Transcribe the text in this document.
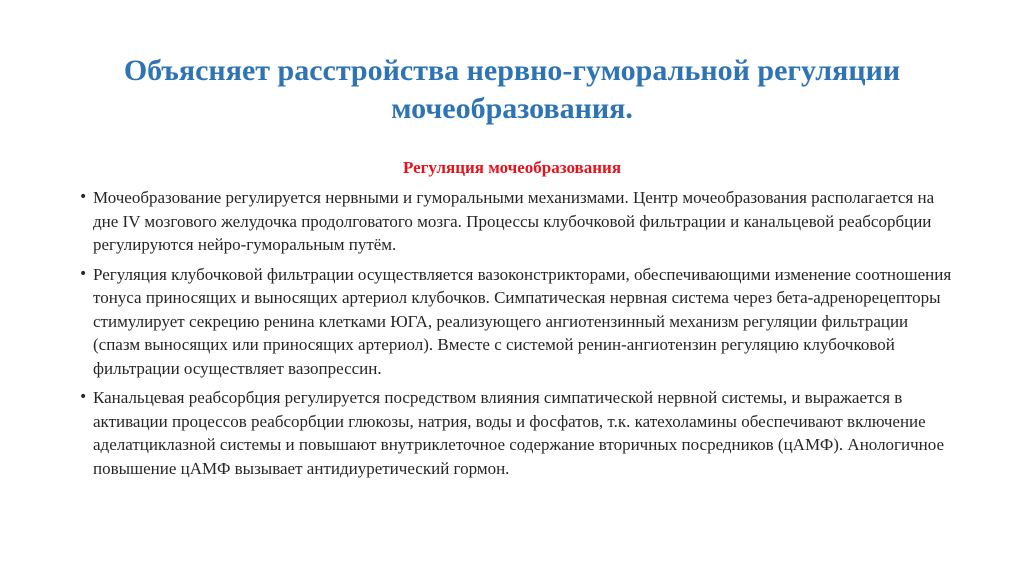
Объясняет расстройства нервно-гуморальной регуляции мочеобразования.
Регуляция мочеобразования
• Мочеобразование регулируется нервными и гуморальными механизмами. Центр мочеобразования располагается на дне IV мозгового желудочка продолговатого мозга. Процессы клубочковой фильтрации и канальцевой реабсорбции регулируются нейро-гуморальным путём.
• Регуляция клубочковой фильтрации осуществляется вазоконстрикторами, обеспечивающими изменение соотношения тонуса приносящих и выносящих артериол клубочков. Симпатическая нервная система через бета-адренорецепторы стимулирует секрецию ренина клетками ЮГА, реализующего ангиотензинный механизм регуляции фильтрации (спазм выносящих или приносящих артериол). Вместе с системой ренин-ангиотензин регуляцию клубочковой фильтрации осуществляет вазопрессин.
• Канальцевая реабсорбция регулируется посредством влияния симпатической нервной системы, и выражается в активации процессов реабсорбции глюкозы, натрия, воды и фосфатов, т.к. катехоламины обеспечивают включение аделатциклазной системы и повышают внутриклеточное содержание вторичных посредников (цАМФ). Анологичное повышение цАМФ вызывает антидиуретический гормон.
